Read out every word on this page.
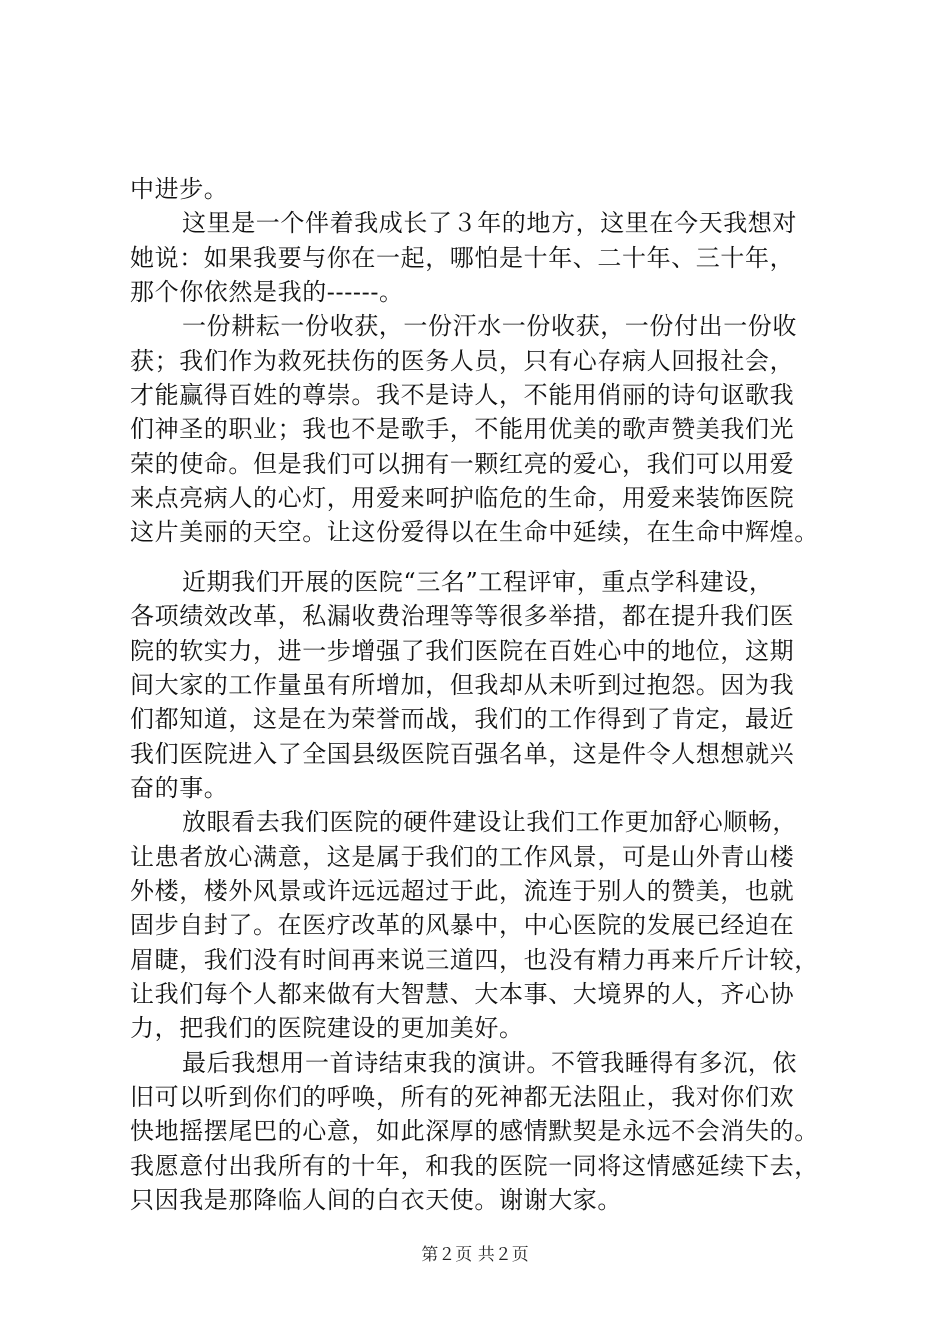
中进步。
这里是一个伴着我成长了３年的地方，这里在今天我想对
她说：如果我要与你在一起，哪怕是十年、二十年、三十年，
那个你依然是我的------。
一份耕耘一份收获，一份汗水一份收获，一份付出一份收
获；我们作为救死扶伤的医务人员，只有心存病人回报社会，
才能赢得百姓的尊崇。我不是诗人，不能用俏丽的诗句讴歌我
们神圣的职业；我也不是歌手，不能用优美的歌声赞美我们光
荣的使命。但是我们可以拥有一颗红亮的爱心，我们可以用爱
来点亮病人的心灯，用爱来呵护临危的生命，用爱来装饰医院
这片美丽的天空。让这份爱得以在生命中延续，在生命中辉煌。
近期我们开展的医院“三名”工程评审，重点学科建设，
各项绩效改革，私漏收费治理等等很多举措，都在提升我们医
院的软实力，进一步增强了我们医院在百姓心中的地位，这期
间大家的工作量虽有所增加，但我却从未听到过抱怨。因为我
们都知道，这是在为荣誉而战，我们的工作得到了肯定，最近
我们医院进入了全国县级医院百强名单，这是件令人想想就兴
奋的事。
放眼看去我们医院的硬件建设让我们工作更加舒心顺畅，
让患者放心满意，这是属于我们的工作风景，可是山外青山楼
外楼，楼外风景或许远远超过于此，流连于别人的赞美，也就
固步自封了。在医疗改革的风暴中，中心医院的发展已经迫在
眉睫，我们没有时间再来说三道四，也没有精力再来斤斤计较，
让我们每个人都来做有大智慧、大本事、大境界的人，齐心协
力，把我们的医院建设的更加美好。
最后我想用一首诗结束我的演讲。不管我睡得有多沉，依
旧可以听到你们的呼唤，所有的死神都无法阻止，我对你们欢
快地摇摆尾巴的心意，如此深厚的感情默契是永远不会消失的。
我愿意付出我所有的十年，和我的医院一同将这情感延续下去，
只因我是那降临人间的白衣天使。谢谢大家。
第２页 共２页
